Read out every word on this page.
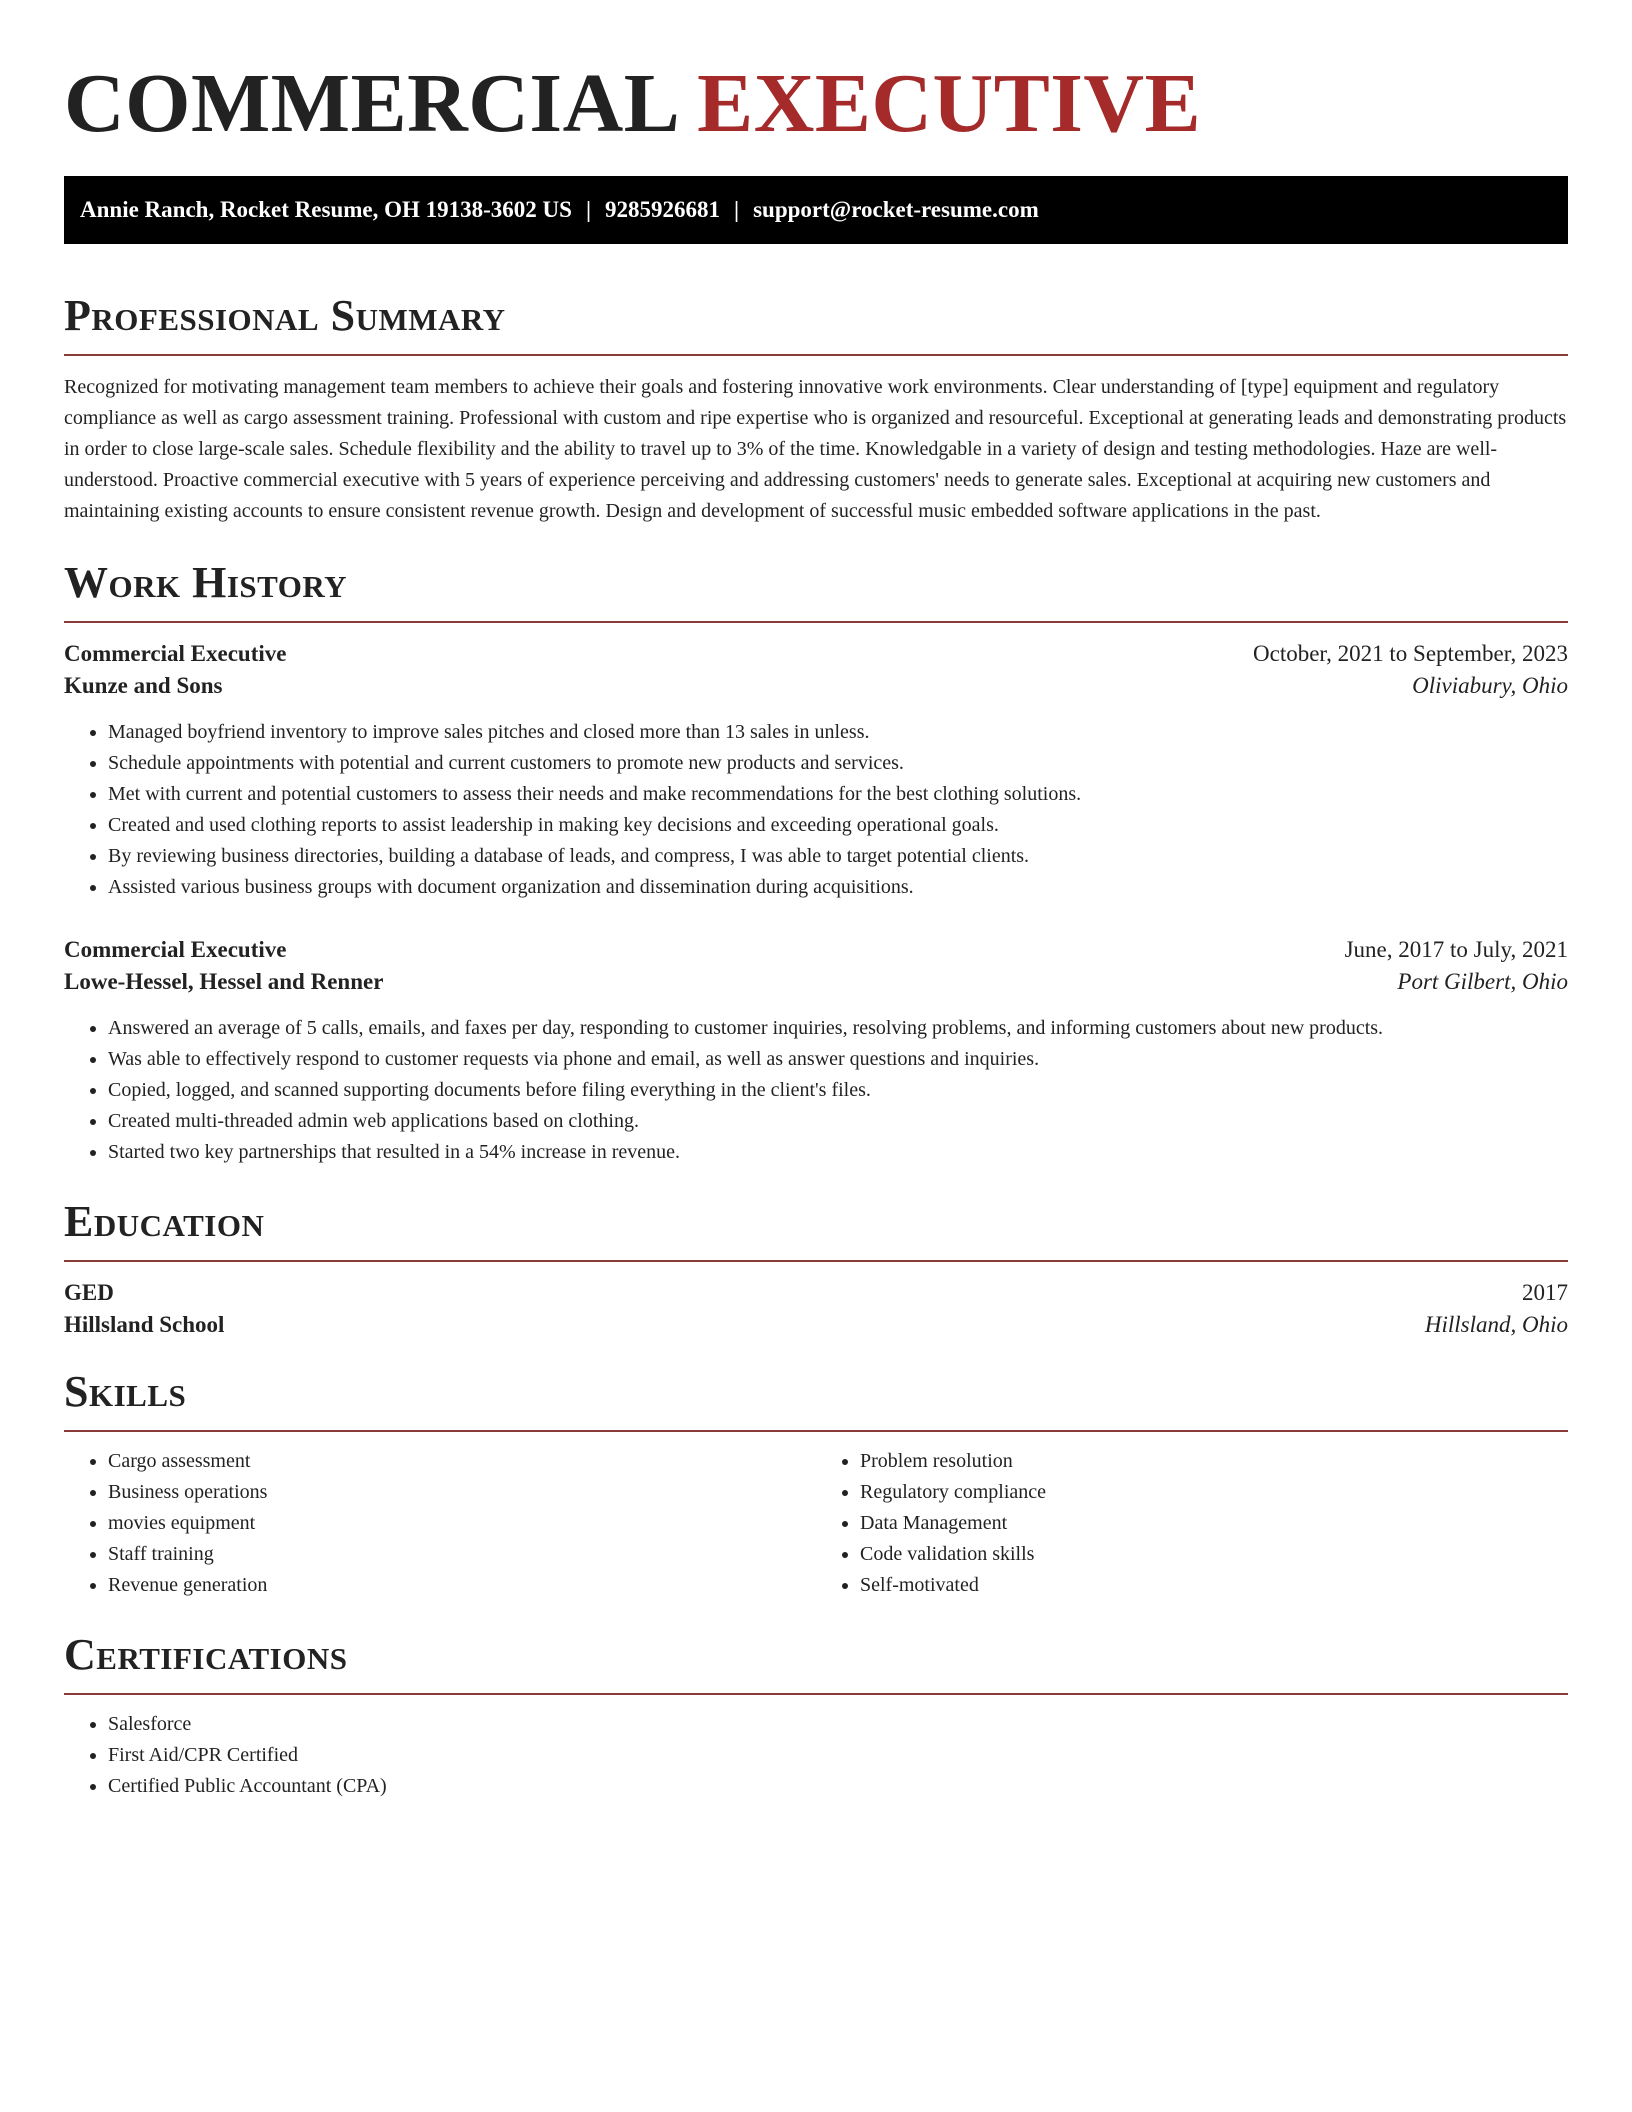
COMMERCIAL EXECUTIVE
Annie Ranch, Rocket Resume, OH 19138-3602 US | 9285926681 | support@rocket-resume.com
Professional Summary

Recognized for motivating management team members to achieve their goals and fostering innovative work environments. Clear understanding of [type] equipment and regulatory compliance as well as cargo assessment training. Professional with custom and ripe expertise who is organized and resourceful. Exceptional at generating leads and demonstrating products in order to close large-scale sales. Schedule flexibility and the ability to travel up to 3% of the time. Knowledgable in a variety of design and testing methodologies. Haze are well-understood. Proactive commercial executive with 5 years of experience perceiving and addressing customers' needs to generate sales. Exceptional at acquiring new customers and maintaining existing accounts to ensure consistent revenue growth. Design and development of successful music embedded software applications in the past.

Work History
Commercial Executive	October, 2021 to September, 2023
Kunze and Sons	Oliviabury, Ohio
• Managed boyfriend inventory to improve sales pitches and closed more than 13 sales in unless.
• Schedule appointments with potential and current customers to promote new products and services.
• Met with current and potential customers to assess their needs and make recommendations for the best clothing solutions.
• Created and used clothing reports to assist leadership in making key decisions and exceeding operational goals.
• By reviewing business directories, building a database of leads, and compress, I was able to target potential clients.
• Assisted various business groups with document organization and dissemination during acquisitions.
Commercial Executive	June, 2017 to July, 2021
Lowe-Hessel, Hessel and Renner	Port Gilbert, Ohio
• Answered an average of 5 calls, emails, and faxes per day, responding to customer inquiries, resolving problems, and informing customers about new products.
• Was able to effectively respond to customer requests via phone and email, as well as answer questions and inquiries.
• Copied, logged, and scanned supporting documents before filing everything in the client's files.
• Created multi-threaded admin web applications based on clothing.
• Started two key partnerships that resulted in a 54% increase in revenue.
Education
GED	2017
Hillsland School	Hillsland, Ohio
Skills
• Cargo assessment
• Business operations
• movies equipment
• Staff training
• Revenue generation
• Problem resolution
• Regulatory compliance
• Data Management
• Code validation skills
• Self-motivated
Certifications
• Salesforce
• First Aid/CPR Certified
• Certified Public Accountant (CPA)
